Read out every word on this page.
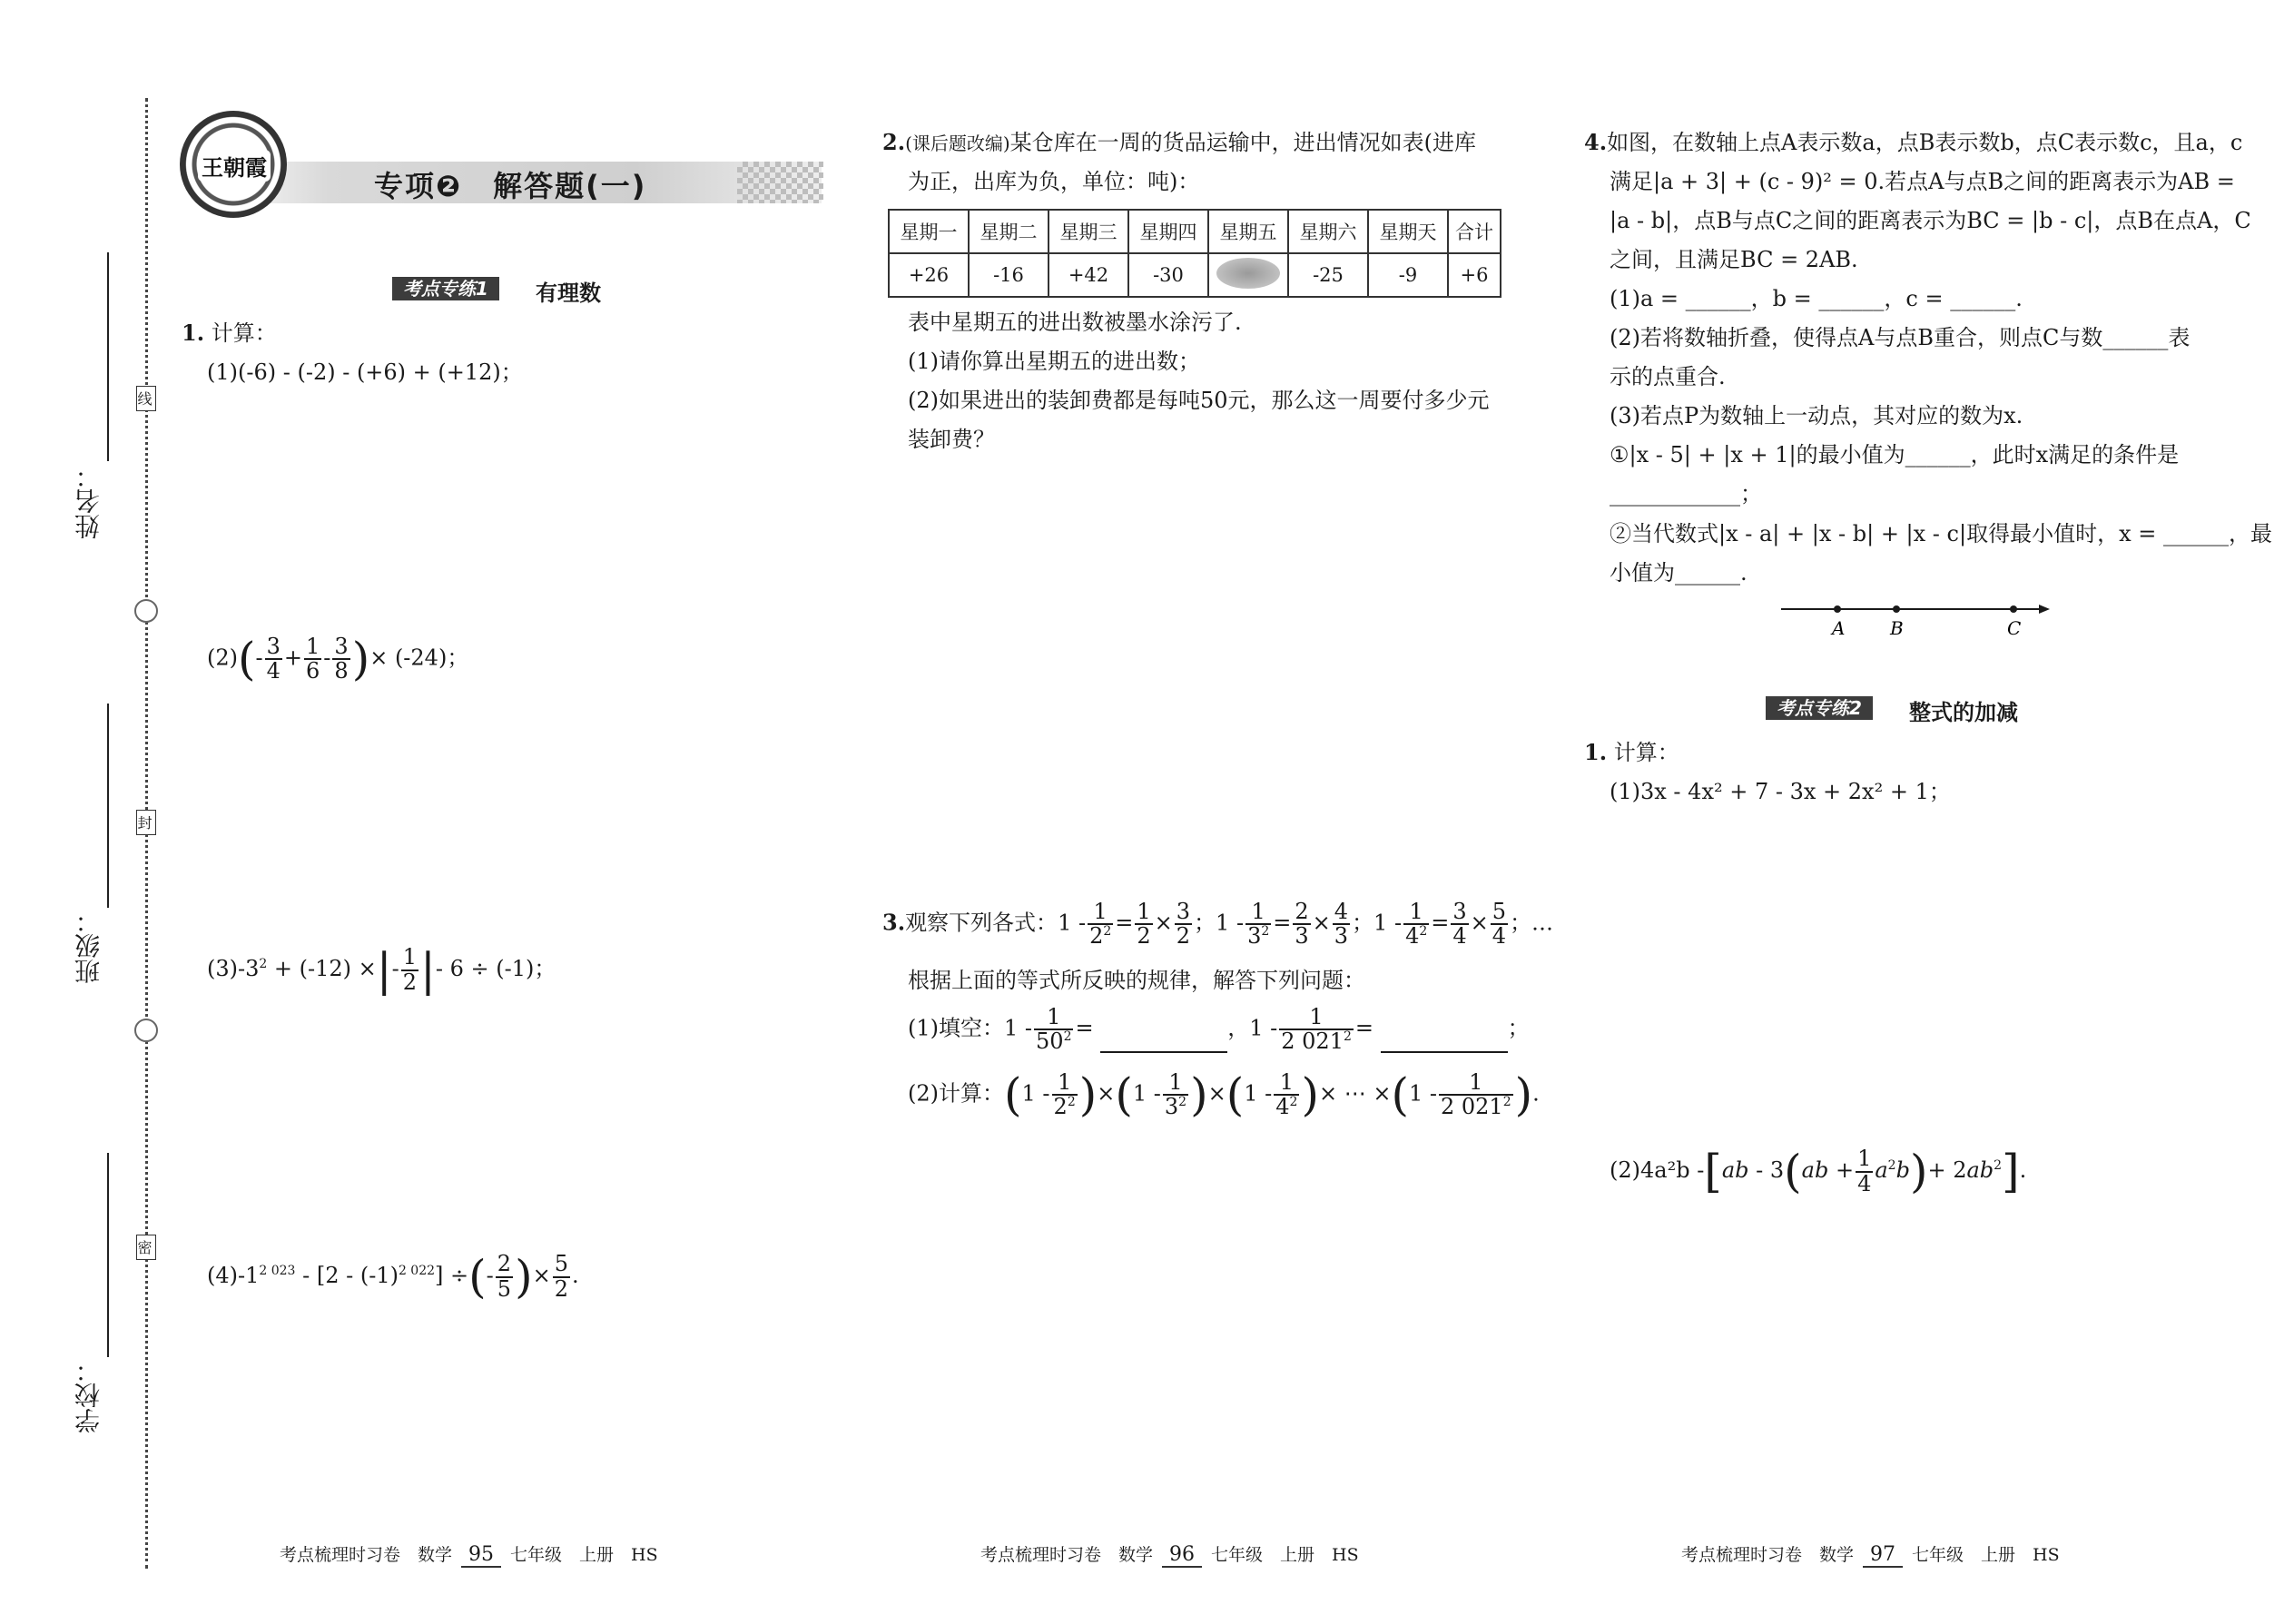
姓名：
班级：
学校：
线
封
密
王朝霞
专项❷　解答题(一)
考点专练1	有理数
1. 计算：
(1)(-6) - (-2) - (+6) + (+12)；
$(2)(- \frac{3}{4} + \frac{1}{6} - \frac{3}{8}$ )× (-24)；
$(3)-3^2 + (-12)$ ×|- $\frac{1}{2}$ |- 6 ÷ (-1)；
$(4)-1^{2 023} - [2 - (-1)^{2 022}]$ ÷(- $\frac{2}{5}$ )× $\frac{5}{2}$ .
2.(课后题改编)某仓库在一周的货品运输中，进出情况如表(进库
为正，出库为负，单位：吨)：
星期一	星期二	星期三	星期四	星期五	星期六	星期天	合计
+26	-16	+42	-30		-25	-9	+6
表中星期五的进出数被墨水涂污了.
(1)请你算出星期五的进出数；
(2)如果进出的装卸费都是每吨50元，那么这一周要付多少元
装卸费？
3.观察下列各式：$1 - \frac{1}{2^2} = \frac{1}{2} \times \frac{3}{2}$ ；$1 - \frac{1}{3^2} = \frac{2}{3} \times \frac{4}{3}$ ；$1 - \frac{1}{4^2} = \frac{3}{4} \times \frac{5}{4}$ ；…
根据上面的等式所反映的规律，解答下列问题：
(1)填空：$1 - \frac{1}{50^2}$ =	，$1 - \frac{1}{2 021^2}$ =	；
(2)计算：$(1 - \frac{1}{2^2} )\times(1 - \frac{1}{3^2} )\times(1 - \frac{1}{4^2}$ )× ⋯ $\times(1 - \frac{1}{2 021^2}$ ).
4.如图，在数轴上点A表示数a，点B表示数b，点C表示数c，且a，c
满足|a + 3| + (c - 9)² = 0.若点A与点B之间的距离表示为AB =
|a - b|，点B与点C之间的距离表示为BC = |b - c|，点B在点A，C
之间，且满足BC = 2AB.
(1)a = ______，b = ______，c = ______.
(2)若将数轴折叠，使得点A与点B重合，则点C与数______表
示的点重合.
(3)若点P为数轴上一动点，其对应的数为x.
①|x - 5| + |x + 1|的最小值为______，此时x满足的条件是
____________；
②当代数式|x - a| + |x - b| + |x - c|取得最小值时，x = ______，最
小值为______.
A B	C
考点专练2	整式的加减
1. 计算：
(1)3x - 4x² + 7 - 3x + 2x² + 1；
(2)4a²b $-[ab - 3(ab + \frac{1}{4} a^2b)+ 2ab^2]$.
考点梳理时习卷　数学 95 七年级　上册　HS	考点梳理时习卷　数学 96 七年级　上册　HS	考点梳理时习卷　数学 97 七年级　上册　HS
